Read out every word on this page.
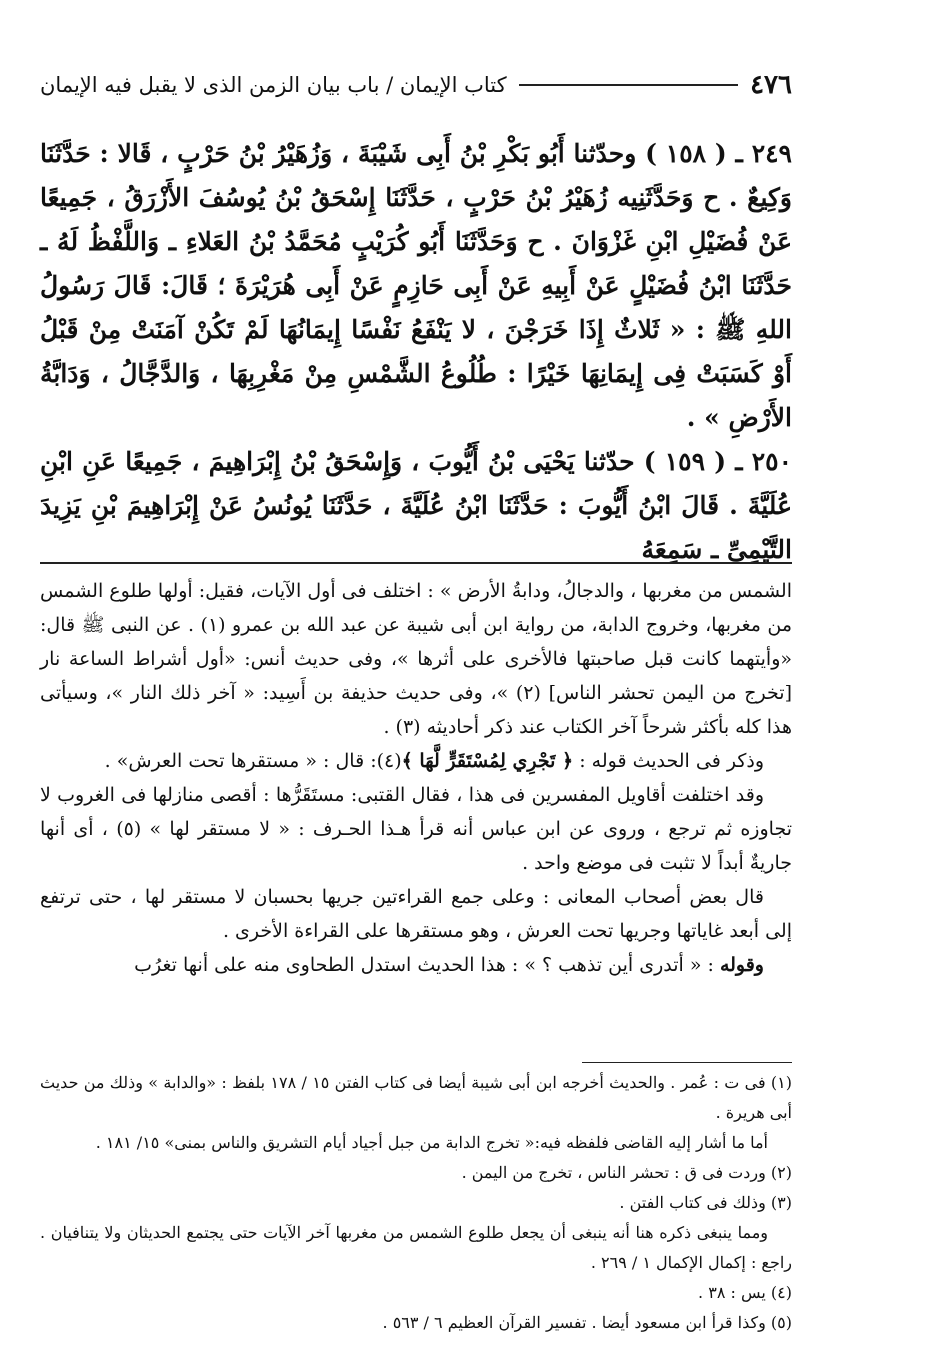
٤٧٦
كتاب الإيمان / باب بيان الزمن الذى لا يقبل فيه الإيمان
٢٤٩ ـ ( ١٥٨ ) وحدّثنا أَبُو بَكْرِ بْنُ أَبِى شَيْبَةَ ، وَزُهَيْرُ بْنُ حَرْبٍ ، قَالا : حَدَّثَنَا وَكِيعٌ . ح وَحَدَّثَنِيه زُهَيْرُ بْنُ حَرْبٍ ، حَدَّثَنَا إِسْحَقُ بْنُ يُوسُفَ الأَزْرَقُ ، جَمِيعًا عَنْ فُضَيْلِ ابْنِ غَزْوَانَ . ح وَحَدَّثَنَا أَبُو كُرَيْبٍ مُحَمَّدُ بْنُ العَلاءِ ـ وَاللَّفْظُ لَهُ ـ حَدَّثَنَا ابْنُ فُضَيْلٍ عَنْ أَبِيهِ عَنْ أَبِى حَازِمٍ عَنْ أَبِى هُرَيْرَةَ ؛ قَالَ: قَالَ رَسُولُ اللهِ ﷺ : « ثَلاثٌ إِذَا خَرَجْنَ ، لا يَنْفَعُ نَفْسًا إِيمَانُهَا لَمْ تَكُنْ آمَنَتْ مِنْ قَبْلُ أَوْ كَسَبَتْ فِى إِيمَانِهَا خَيْرًا : طُلُوعُ الشَّمْسِ مِنْ مَغْرِبِهَا ، وَالدَّجَّالُ ، وَدَابَّةُ الأَرْضِ » .
٢٥٠ ـ ( ١٥٩ ) حدّثنا يَحْيَى بْنُ أَيُّوبَ ، وَإِسْحَقُ بْنُ إِبْرَاهِيمَ ، جَمِيعًا عَنِ ابْنِ عُلَيَّةَ . قَالَ ابْنُ أَيُّوبَ : حَدَّثَنَا ابْنُ عُلَيَّةَ ، حَدَّثَنَا يُونُسُ عَنْ إِبْرَاهِيمَ بْنِ يَزِيدَ التَّيْمِىِّ ـ سَمِعَهُ

الشمس من مغربها ، والدجالُ، ودابةُ الأرض » : اختلف فى أول الآيات، فقيل: أولها طلوع الشمس من مغربها، وخروج الدابة، من رواية ابن أبى شيبة عن عبد الله بن عمرو (١) . عن النبى ﷺ قال: «وأيتهما كانت قبل صاحبتها فالأخرى على أثرها »، وفى حديث أنس: «أول أشراط الساعة نار [تخرج من اليمن تحشر الناس] (٢) »، وفى حديث حذيفة بن أَسِيد: « آخر ذلك النار »، وسيأتى هذا كله بأكثر شرحاً آخر الكتاب عند ذكر أحاديثه (٣) .

وذكر فى الحديث قوله : ﴿ تَجْرِي لِمُسْتَقَرٍّ لَّهَا ﴾(٤): قال : « مستقرها تحت العرش» .

وقد اختلفت أقاويل المفسرين فى هذا ، فقال القتبى: مستَقَرُّها : أقصى منازلها فى الغروب لا تجاوزه ثم ترجع ، وروى عن ابن عباس أنه قرأ هـذا الحـرف : « لا مستقر لها » (٥) ، أى أنها جاريةٌ أبداً لا تثبت فى موضع واحد .

قال بعض أصحاب المعانى : وعلى جمع القراءتين جريها بحسبان لا مستقر لها ، حتى ترتفع إلى أبعد غاياتها وجريها تحت العرش ، وهو مستقرها على القراءة الأخرى .

وقوله : « أتدرى أين تذهب ؟ » : هذا الحديث استدل الطحاوى منه على أنها تغرُب

(١) فى ت : عُمر . والحديث أخرجه ابن أبى شيبة أيضا فى كتاب الفتن ١٥ / ١٧٨ بلفظ : «والدابة » وذلك من حديث أبى هريرة .

أما ما أشار إليه القاضى فلفظه فيه:« تخرج الدابة من جبل أجياد أيام التشريق والناس بمنى» ١٥/ ١٨١ .

(٢) وردت فى ق : تحشر الناس ، تخرج من اليمن .

(٣) وذلك فى كتاب الفتن .

ومما ينبغى ذكره هنا أنه ينبغى أن يجعل طلوع الشمس من مغربها آخر الآيات حتى يجتمع الحديثان ولا يتنافيان . راجع : إكمال الإكمال ١ / ٢٦٩ .

(٤) يس : ٣٨ .

(٥) وكذا قرأ ابن مسعود أيضا . تفسير القرآن العظيم ٦ / ٥٦٣ .
